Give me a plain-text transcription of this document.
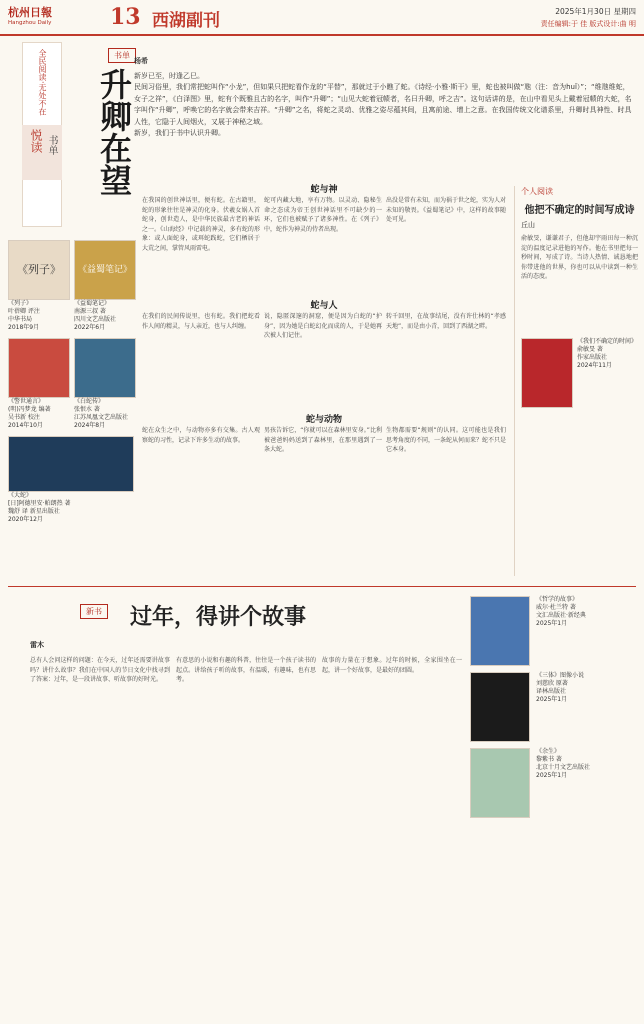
杭州日報
Hangzhou Daily	13 西湖副刊	2025年1月30日 星期四
责任编辑:于 佳 版式设计:曲 明
全民阅读·无处不在
悦读 书单
书单
升卿在望
杨希

新岁已至，时逢乙巳。

民间习俗里，我们常把蛇叫作“小龙”，但如果只把蛇看作龙的“平替”，那就过于小瞧了蛇。《诗经·小雅·斯干》里，蛇也被叫做“虺（注：音为huǐ）”；“维虺维蛇，女子之祥”，《白泽图》里，蛇有个既雅且古的名字，叫作“升卿”；“山见大蛇着冠帻者，名曰升卿，呼之吉”。这句话讲的是，在山中看见头上戴着冠帻的大蛇，名字叫作“升卿”，呼唤它的名字就会带来吉祥。“升卿”之名，将蛇之灵动、优雅之姿尽蕴其间，且寓前途、增上之意。在我国传统文化谱系里，升卿时具神性、时具人性，它隐于人间烟火，又展于神秘之域。

新岁，我们于书中认识升卿。

《列子》
《列子》
叶蓓卿 评注
中华书局
2018年9月
《益蜀笔记》
《益蜀笔记》
南源三叔 著
四川文艺出版社
2022年6月
《警世通言》
(明)冯梦龙 编著
吴书新 校注
2014年10月
《白蛇传》
张恨水 著
江苏凤凰文艺出版社
2024年8月
《大蛇》
[日]阿德里安·帕朗热 著
魏舒 译 新星出版社
2020年12月
蛇与神
在我国的创世神话里，便有蛇。在古籍里，蛇的形象往往是神灵的化身。伏羲女娲人首蛇身，创世造人，是中华民族最古老的神话之一。《山海经》中记载的神灵，多有蛇的形象：或人面蛇身，或珥蛇践蛇，它们栖居于大荒之间，掌管风雨雷电。
蛇可内藏大地，享有万物。以灵动、隐秘生命之态成为帝王创世神话里不可缺少的一环，它们也被赋予了诸多神性。在《列子》中，蛇作为神灵的侍者出现。
出没是常有未知，而为祸于世之蛇，实为人对未知的敬畏。《益蜀笔记》中，这样的故事随处可见。
蛇与人
在我们的民间传说里，也有蛇。我们把蛇看作人间的精灵，与人亲近，也与人纠缠。
说，隐匿深邃的洞窟，便是因为白蛇的“护身”，因为她是白蛇幻化而成的人，于是她再次被人们记住。
转千回里，在故事结尾，没有许仕林的“孝感天地”，而是由小青，回到了西湖之畔。
蛇与动物
蛇在众生之中，与动物亦多有交集。古人观察蛇的习性，记录下许多生动的故事。
男孩告诉它，“你就可以在森林里安身。”比利被爸爸妈妈送到了森林里，在那里遇到了一条大蛇。
生物都需要“规则”的认同。这可能也是我们思考角度的不同，一条蛇从何而来？蛇不只是它本身。
个人阅读
他把不确定的时间写成诗
丘山
俞敏旻，谦谦君子，但他却宇雨田每一种沉淀的温度记录进他的写作。他在书里把每一秒时间，写成了诗。当诗人热情、诚恳地把你带进他的世界，你也可以从中读到一种生活的态度。
《我们不确定的时间》
俞敏旻 著
作家出版社
2024年11月
新书 过年，得讲个故事
雷木
总有人会问这样的问题：在今天，过年还需要讲故事吗？讲什么故事？我们在中国人的节日文化中找寻到了答案：过年，是一段讲故事、听故事的好时光。
有意思的小说和有趣的科普，往往是一个孩子读书的起点。讲给孩子听的故事，有温暖，有趣味，也有思考。
故事的力量在于想象。过年的时候，全家围坐在一起，讲一个好故事，是最好的团圆。
《哲学的故事》
威尔·杜兰特 著
文汇出版社·新经典
2025年1月
《三体》图像小说
刘慈欣 原著
译林出版社
2025年1月
《余生》
黎紫书 著
北京十月文艺出版社
2025年1月
